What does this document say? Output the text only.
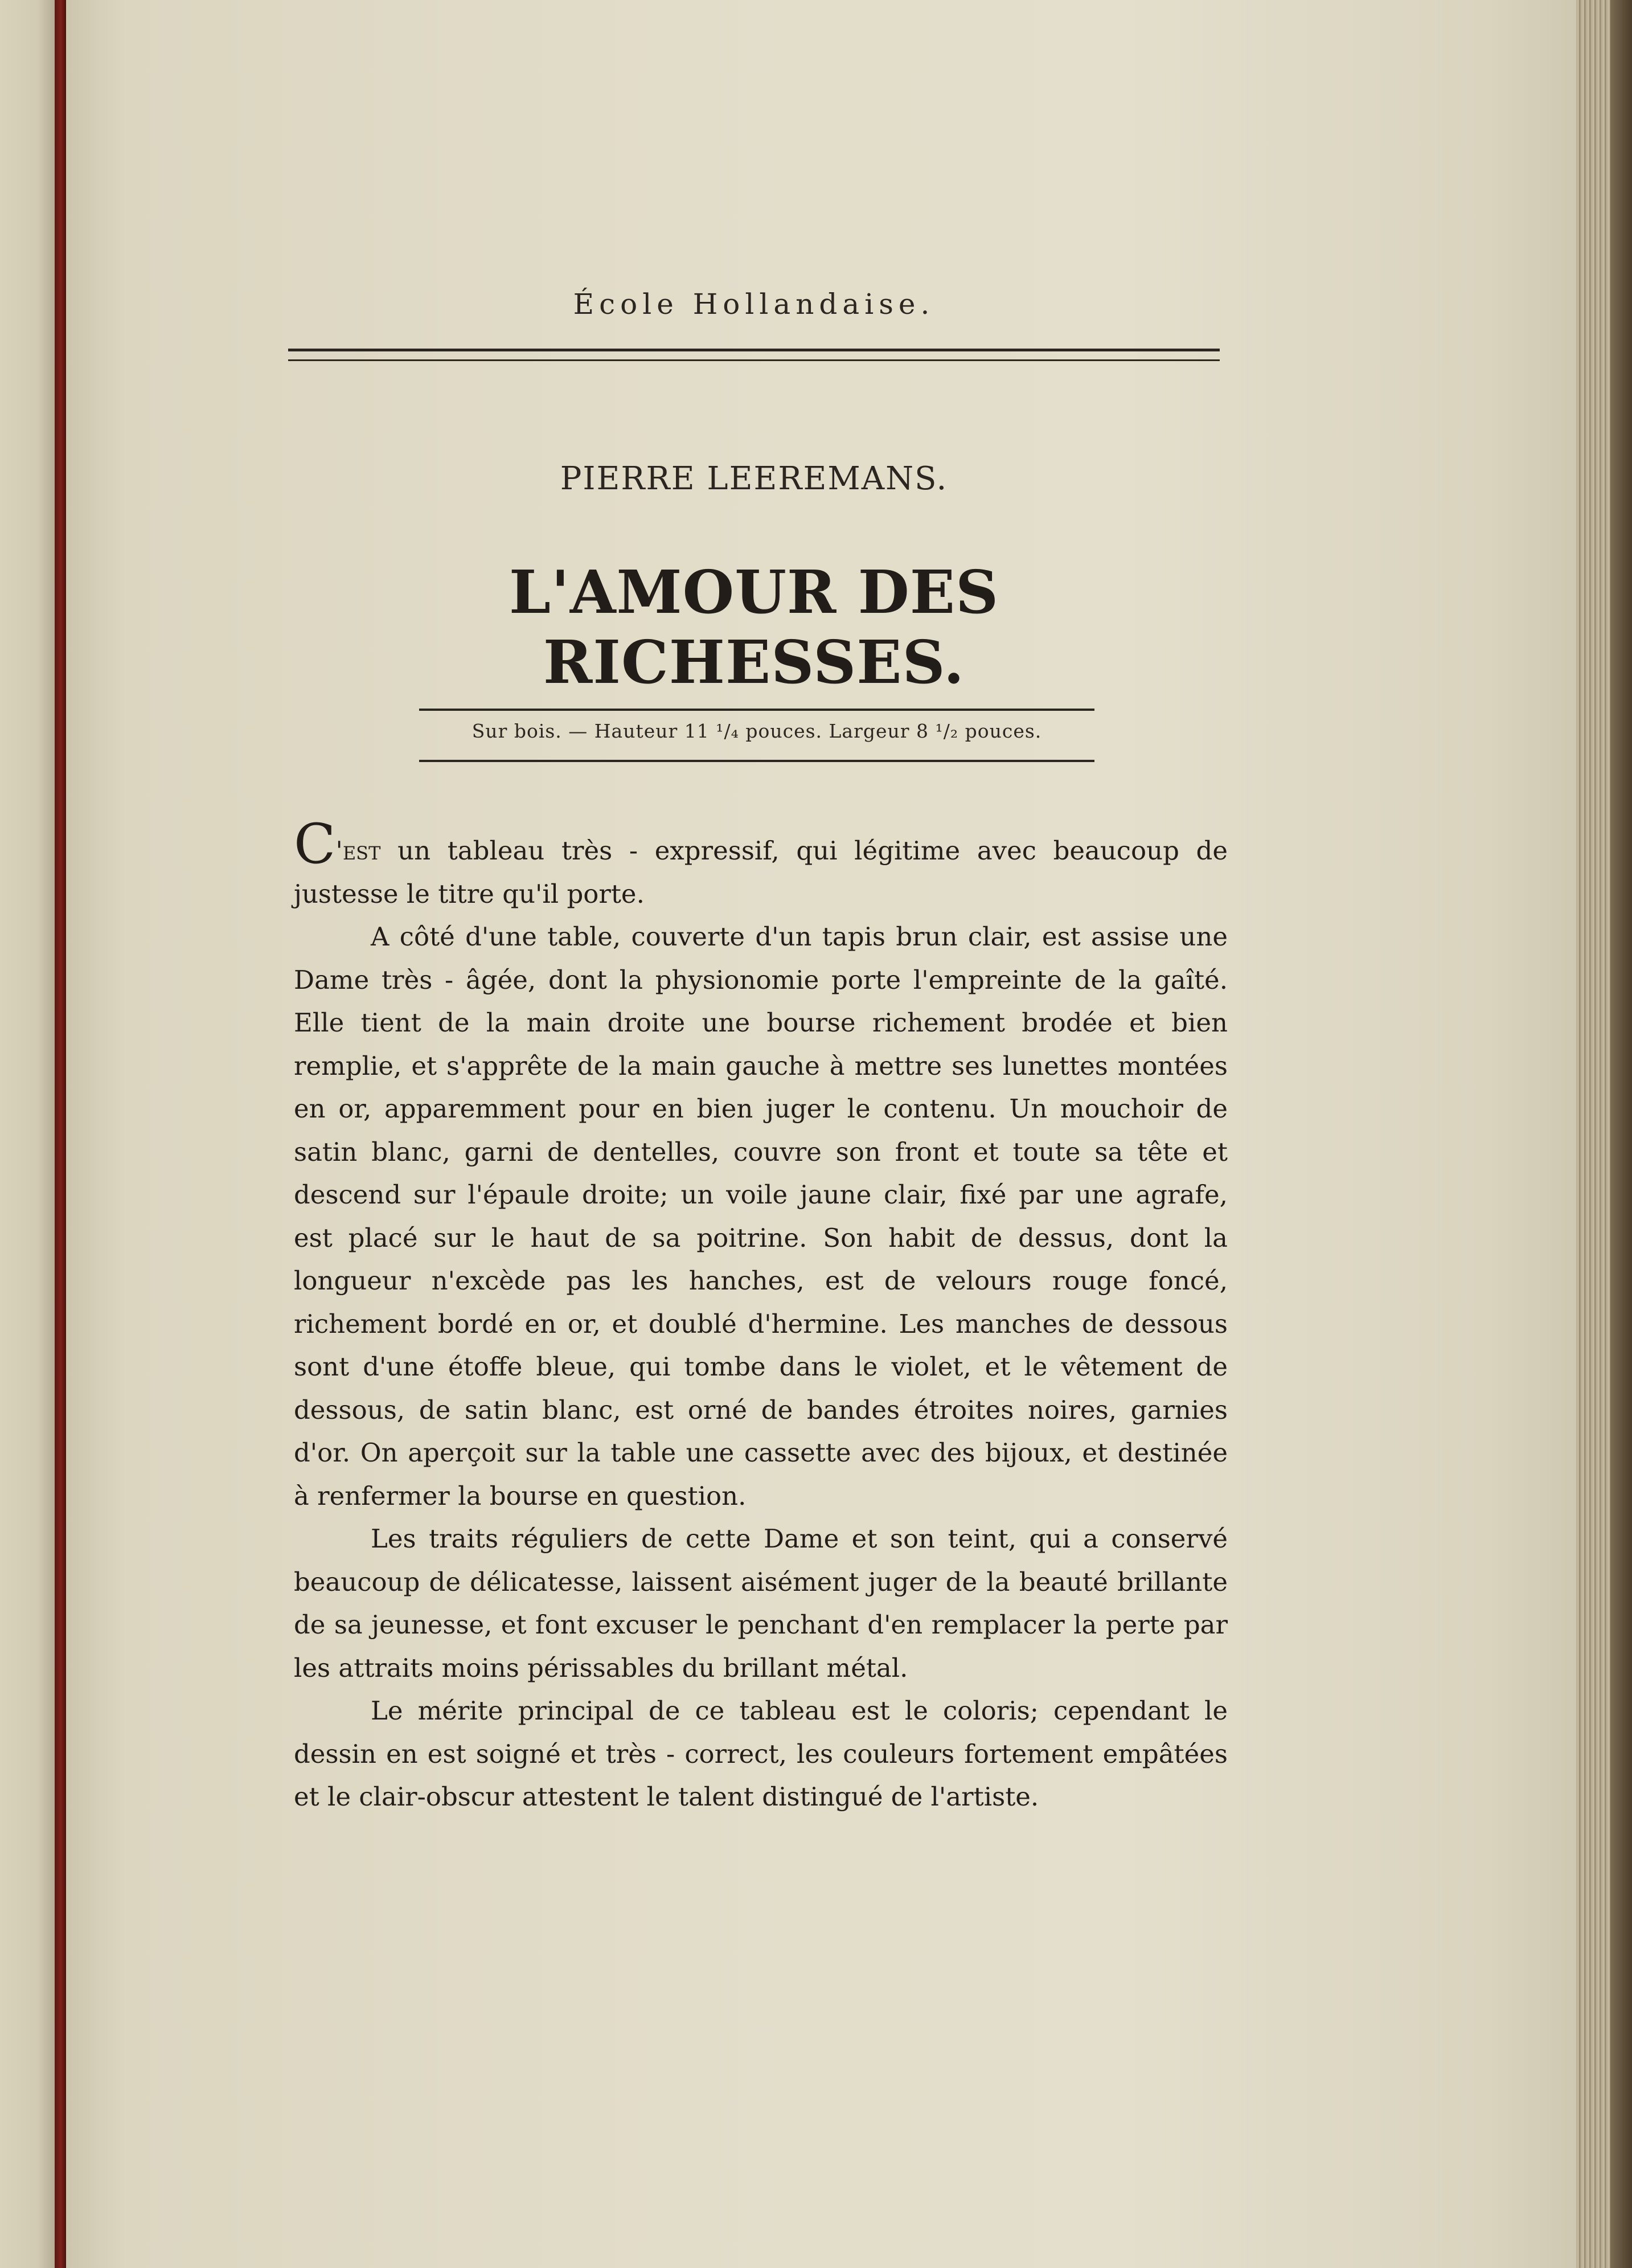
École Hollandaise.
PIERRE LEEREMANS.
L'AMOUR DES RICHESSES.
Sur bois. — Hauteur 11 ¹/₄ pouces. Largeur 8 ¹/₂ pouces.

C'est un tableau très - expressif, qui légitime avec beaucoup de justesse le titre qu'il porte.

A côté d'une table, couverte d'un tapis brun clair, est assise une Dame très - âgée, dont la physionomie porte l'empreinte de la gaîté. Elle tient de la main droite une bourse richement brodée et bien remplie, et s'apprête de la main gauche à mettre ses lunettes montées en or, apparemment pour en bien juger le contenu. Un mouchoir de satin blanc, garni de dentelles, couvre son front et toute sa tête et descend sur l'épaule droite; un voile jaune clair, fixé par une agrafe, est placé sur le haut de sa poitrine. Son habit de dessus, dont la longueur n'excède pas les hanches, est de velours rouge foncé, richement bordé en or, et doublé d'hermine. Les manches de dessous sont d'une étoffe bleue, qui tombe dans le violet, et le vêtement de dessous, de satin blanc, est orné de bandes étroites noires, garnies d'or. On aperçoit sur la table une cassette avec des bijoux, et destinée à renfermer la bourse en question.

Les traits réguliers de cette Dame et son teint, qui a conservé beaucoup de délicatesse, laissent aisément juger de la beauté brillante de sa jeunesse, et font excuser le penchant d'en remplacer la perte par les attraits moins périssables du brillant métal.

Le mérite principal de ce tableau est le coloris; cependant le dessin en est soigné et très - correct, les couleurs fortement empâtées et le clair-obscur attestent le talent distingué de l'artiste.
